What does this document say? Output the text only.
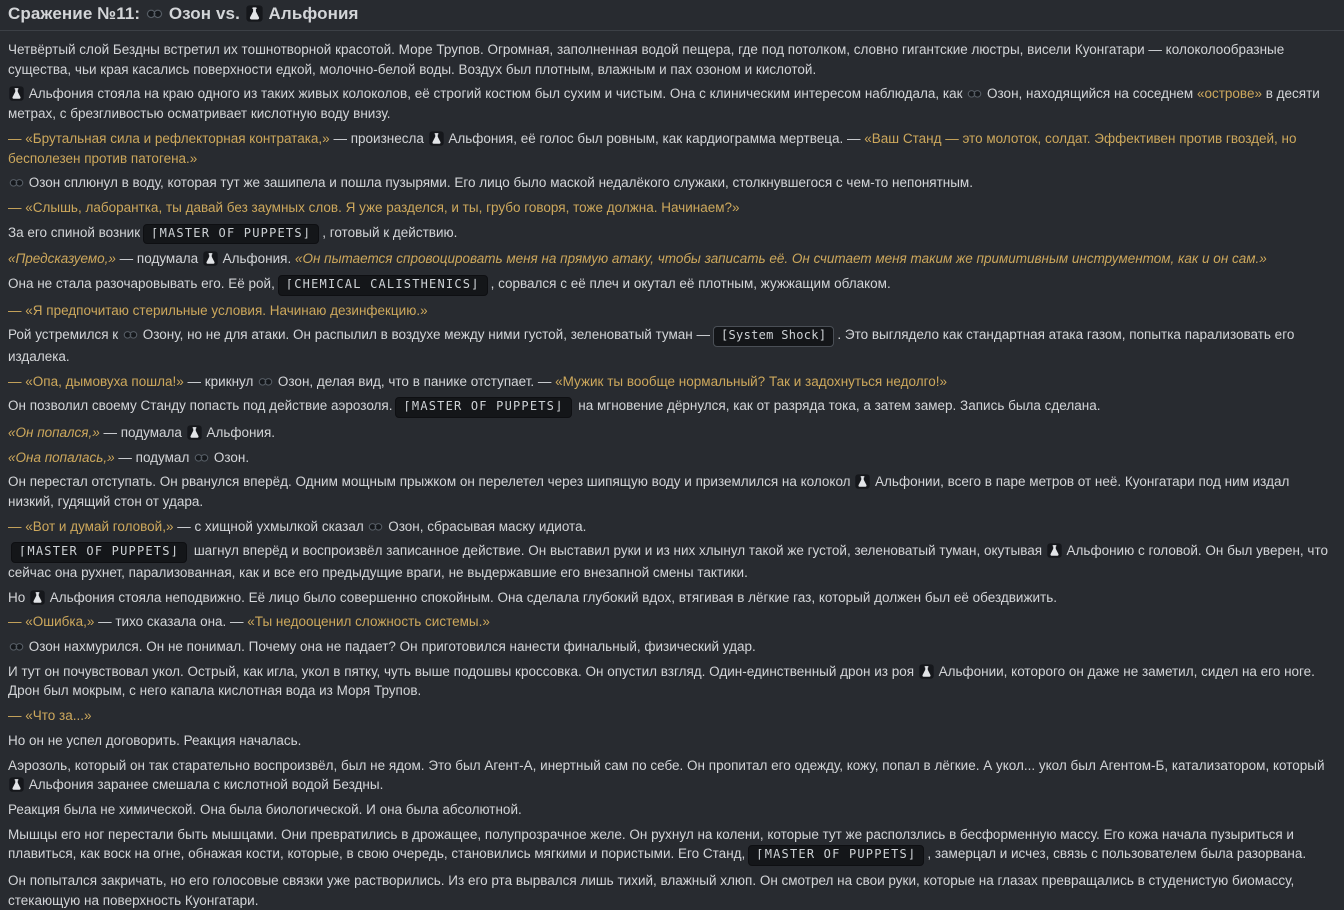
Сражение №11:  Озон vs.  Альфония

Четвёртый слой Бездны встретил их тошнотворной красотой. Море Трупов. Огромная, заполненная водой пещера, где под потолком, словно гигантские люстры, висели Куонгатари — колоколообразные существа, чьи края касались поверхности едкой, молочно-белой воды. Воздух был плотным, влажным и пах озоном и кислотой.

Альфония стояла на краю одного из таких живых колоколов, её строгий костюм был сухим и чистым. Она с клиническим интересом наблюдала, как  Озон, находящийся на соседнем «острове» в десяти метрах, с брезгливостью осматривает кислотную воду внизу.

— «Брутальная сила и рефлекторная контратака,» — произнесла  Альфония, её голос был ровным, как кардиограмма мертвеца. — «Ваш Станд — это молоток, солдат. Эффективен против гвоздей, но бесполезен против патогена.»

Озон сплюнул в воду, которая тут же зашипела и пошла пузырями. Его лицо было маской недалёкого служаки, столкнувшегося с чем-то непонятным.

— «Слышь, лаборантка, ты давай без заумных слов. Я уже разделся, и ты, грубо говоря, тоже должна. Начинаем?»

За его спиной возник ⌈MASTER OF PUPPETS⌋ , готовый к действию.

«Предсказуемо,» — подумала  Альфония. «Он пытается спровоцировать меня на прямую атаку, чтобы записать её. Он считает меня таким же примитивным инструментом, как и он сам.»

Она не стала разочаровывать его. Её рой, ⌈CHEMICAL CALISTHENICS⌋ , сорвался с её плеч и окутал её плотным, жужжащим облаком.

— «Я предпочитаю стерильные условия. Начинаю дезинфекцию.»

Рой устремился к  Озону, но не для атаки. Он распылил в воздухе между ними густой, зеленоватый туман — [System Shock] . Это выглядело как стандартная атака газом, попытка парализовать его издалека.

— «Опа, дымовуха пошла!» — крикнул  Озон, делая вид, что в панике отступает. — «Мужик ты вообще нормальный? Так и задохнуться недолго!»

Он позволил своему Станду попасть под действие аэрозоля. ⌈MASTER OF PUPPETS⌋ на мгновение дёрнулся, как от разряда тока, а затем замер. Запись была сделана.

«Он попался,» — подумала  Альфония.

«Она попалась,» — подумал  Озон.

Он перестал отступать. Он рванулся вперёд. Одним мощным прыжком он перелетел через шипящую воду и приземлился на колокол  Альфонии, всего в паре метров от неё. Куонгатари под ним издал низкий, гудящий стон от удара.

— «Вот и думай головой,» — с хищной ухмылкой сказал  Озон, сбрасывая маску идиота.

⌈MASTER OF PUPPETS⌋ шагнул вперёд и воспроизвёл записанное действие. Он выставил руки и из них хлынул такой же густой, зеленоватый туман, окутывая  Альфонию с головой. Он был уверен, что сейчас она рухнет, парализованная, как и все его предыдущие враги, не выдержавшие его внезапной смены тактики.

Но  Альфония стояла неподвижно. Её лицо было совершенно спокойным. Она сделала глубокий вдох, втягивая в лёгкие газ, который должен был её обездвижить.

— «Ошибка,» — тихо сказала она. — «Ты недооценил сложность системы.»

Озон нахмурился. Он не понимал. Почему она не падает? Он приготовился нанести финальный, физический удар.

И тут он почувствовал укол. Острый, как игла, укол в пятку, чуть выше подошвы кроссовка. Он опустил взгляд. Один-единственный дрон из роя  Альфонии, которого он даже не заметил, сидел на его ноге. Дрон был мокрым, с него капала кислотная вода из Моря Трупов.

— «Что за...»

Но он не успел договорить. Реакция началась.

Аэрозоль, который он так старательно воспроизвёл, был не ядом. Это был Агент-А, инертный сам по себе. Он пропитал его одежду, кожу, попал в лёгкие. А укол... укол был Агентом-Б, катализатором, который  Альфония заранее смешала с кислотной водой Бездны.

Реакция была не химической. Она была биологической. И она была абсолютной.

Мышцы его ног перестали быть мышцами. Они превратились в дрожащее, полупрозрачное желе. Он рухнул на колени, которые тут же расползлись в бесформенную массу. Его кожа начала пузыриться и плавиться, как воск на огне, обнажая кости, которые, в свою очередь, становились мягкими и пористыми. Его Станд, ⌈MASTER OF PUPPETS⌋ , замерцал и исчез, связь с пользователем была разорвана.

Он попытался закричать, но его голосовые связки уже растворились. Из его рта вырвался лишь тихий, влажный хлюп. Он смотрел на свои руки, которые на глазах превращались в студенистую биомассу, стекающую на поверхность Куонгатари.
